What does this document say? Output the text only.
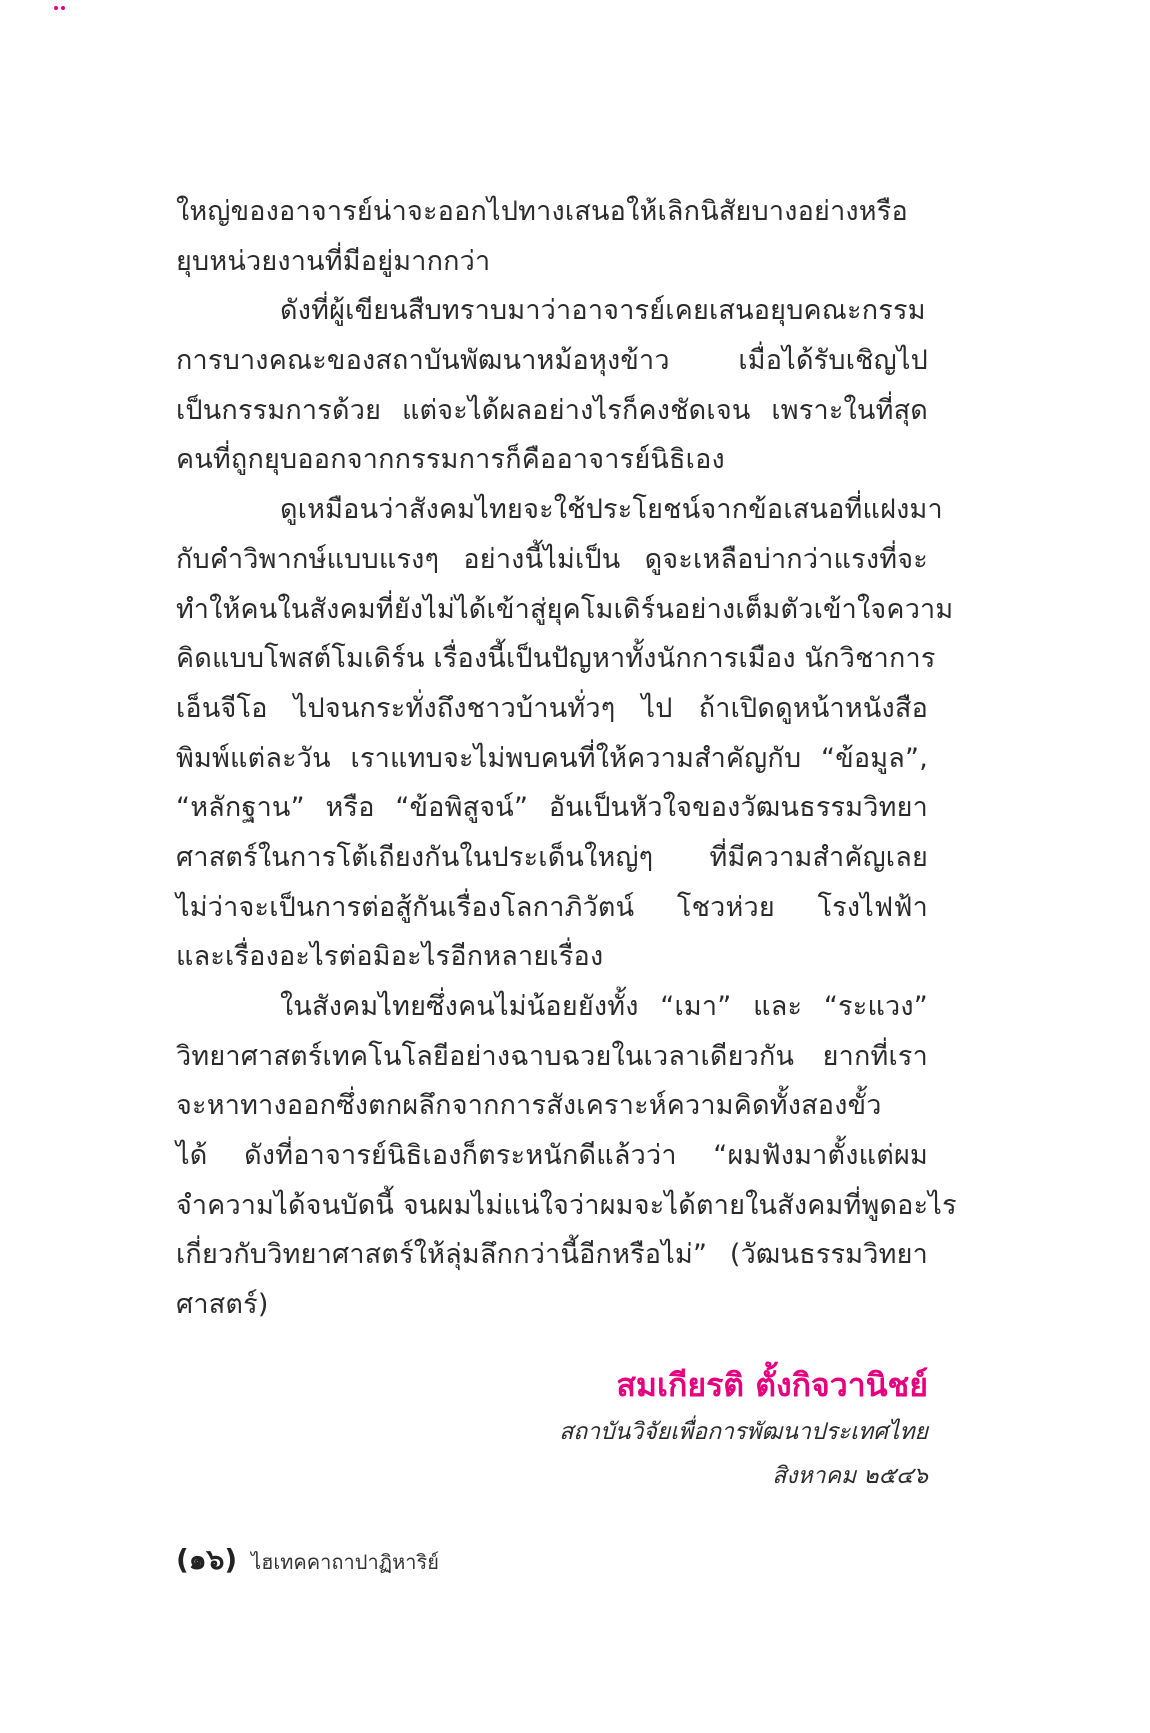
ใหญ่ของอาจารย์น่าจะออกไปทางเสนอให้เลิกนิสัยบางอย่างหรือ
ยุบหน่วยงานที่มีอยู่มากกว่า
ดังที่ผู้เขียนสืบทราบมาว่าอาจารย์เคยเสนอยุบคณะกรรม
การบางคณะของสถาบันพัฒนาหม้อหุงข้าว เมื่อได้รับเชิญไป
เป็นกรรมการด้วย แต่จะได้ผลอย่างไรก็คงชัดเจน เพราะในที่สุด
คนที่ถูกยุบออกจากกรรมการก็คืออาจารย์นิธิเอง
ดูเหมือนว่าสังคมไทยจะใช้ประโยชน์จากข้อเสนอที่แฝงมา
กับคำวิพากษ์แบบแรงๆ อย่างนี้ไม่เป็น ดูจะเหลือบ่ากว่าแรงที่จะ
ทำให้คนในสังคมที่ยังไม่ได้เข้าสู่ยุคโมเดิร์นอย่างเต็มตัวเข้าใจความ
คิดแบบโพสต์โมเดิร์น เรื่องนี้เป็นปัญหาทั้งนักการเมือง นักวิชาการ
เอ็นจีโอ ไปจนกระทั่งถึงชาวบ้านทั่วๆ ไป ถ้าเปิดดูหน้าหนังสือ
พิมพ์แต่ละวัน เราแทบจะไม่พบคนที่ให้ความสำคัญกับ “ข้อมูล”,
“หลักฐาน” หรือ “ข้อพิสูจน์” อันเป็นหัวใจของวัฒนธรรมวิทยา
ศาสตร์ในการโต้เถียงกันในประเด็นใหญ่ๆ ที่มีความสำคัญเลย
ไม่ว่าจะเป็นการต่อสู้กันเรื่องโลกาภิวัตน์ โชวห่วย โรงไฟฟ้า
และเรื่องอะไรต่อมิอะไรอีกหลายเรื่อง
ในสังคมไทยซึ่งคนไม่น้อยยังทั้ง “เมา” และ “ระแวง”
วิทยาศาสตร์เทคโนโลยีอย่างฉาบฉวยในเวลาเดียวกัน ยากที่เรา
จะหาทางออกซึ่งตกผลึกจากการสังเคราะห์ความคิดทั้งสองขั้ว
ได้ ดังที่อาจารย์นิธิเองก็ตระหนักดีแล้วว่า “ผมฟังมาตั้งแต่ผม
จำความได้จนบัดนี้ จนผมไม่แน่ใจว่าผมจะได้ตายในสังคมที่พูดอะไร
เกี่ยวกับวิทยาศาสตร์ให้ลุ่มลึกกว่านี้อีกหรือไม่” (วัฒนธรรมวิทยา
ศาสตร์)
สมเกียรติ ตั้งกิจวานิชย์
สถาบันวิจัยเพื่อการพัฒนาประเทศไทย
สิงหาคม ๒๕๔๖
(๑๖) ไฮเทคคาถาปาฏิหาริย์
